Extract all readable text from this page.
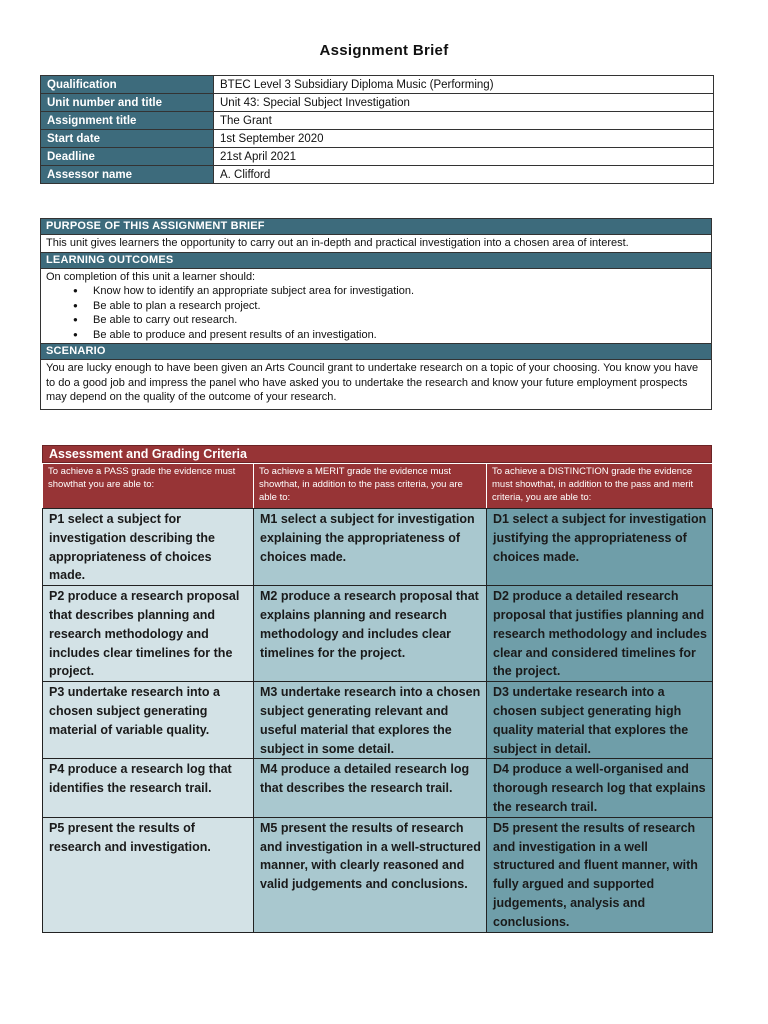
Assignment Brief
Qualification	BTEC Level 3 Subsidiary Diploma Music (Performing)
Unit number and title	Unit 43: Special Subject Investigation
Assignment title	The Grant
Start date	1st September 2020
Deadline	21st April 2021
Assessor name	A. Clifford
PURPOSE OF THIS ASSIGNMENT BRIEF
This unit gives learners the opportunity to carry out an in-depth and practical investigation into a chosen area of interest.
LEARNING OUTCOMES
On completion of this unit a learner should:
● Know how to identify an appropriate subject area for investigation.
● Be able to plan a research project.
● Be able to carry out research.
● Be able to produce and present results of an investigation.
SCENARIO
You are lucky enough to have been given an Arts Council grant to undertake research on a topic of your choosing. You know you have to do a good job and impress the panel who have asked you to undertake the research and know your future employment prospects may depend on the quality of the outcome of your research.
Assessment and Grading Criteria
To achieve a PASS grade the evidence must showthat you are able to:	To achieve a MERIT grade the evidence must showthat, in addition to the pass criteria, you are able to:	To achieve a DISTINCTION grade the evidence must showthat, in addition to the pass and merit criteria, you are able to:
P1 select a subject for investigation describing the appropriateness of choices made.	M1 select a subject for investigation explaining the appropriateness of choices made.	D1 select a subject for investigation justifying the appropriateness of choices made.
P2 produce a research proposal that describes planning and research methodology and includes clear timelines for the project.	M2 produce a research proposal that explains planning and research methodology and includes clear timelines for the project.	D2 produce a detailed research proposal that justifies planning and research methodology and includes clear and considered timelines for the project.
P3 undertake research into a chosen subject generating material of variable quality.	M3 undertake research into a chosen subject generating relevant and useful material that explores the subject in some detail.	D3 undertake research into a chosen subject generating high quality material that explores the subject in detail.
P4 produce a research log that identifies the research trail.	M4 produce a detailed research log that describes the research trail.	D4 produce a well-organised and thorough research log that explains the research trail.
P5 present the results of research and investigation.	M5 present the results of research and investigation in a well-structured manner, with clearly reasoned and valid judgements and conclusions.	D5 present the results of research and investigation in a well structured and fluent manner, with fully argued and supported judgements, analysis and conclusions.
